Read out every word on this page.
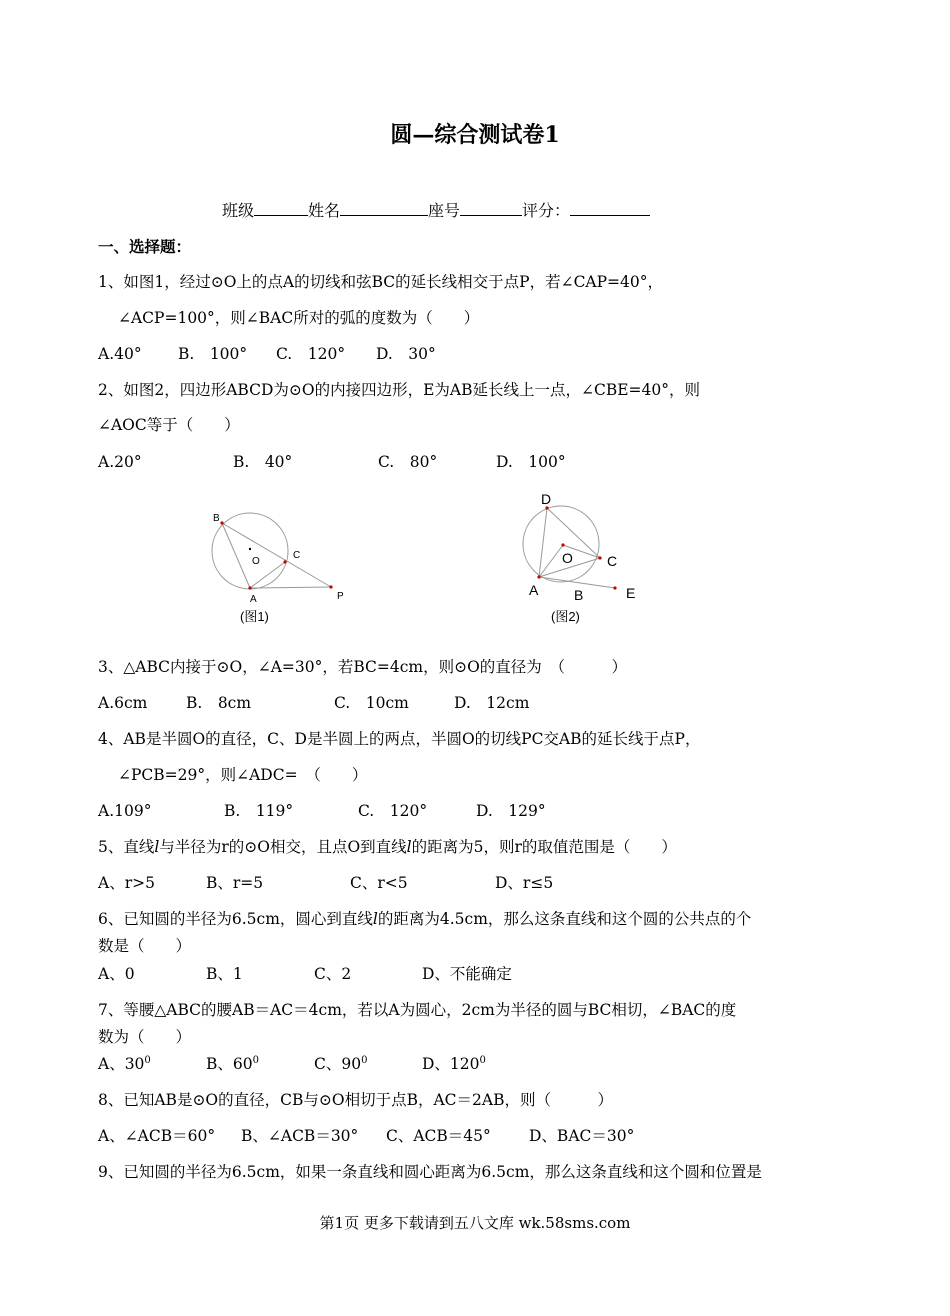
圆—综合测试卷1
班级	姓名	座号	评分：
一、选择题：
1、如图1，经过⊙O上的点A的切线和弦BC的延长线相交于点P，若∠CAP=40°，
∠ACP=100°，则∠BAC所对的弧的度数为（　　）
A.40° B.　100° C.　120° D.　30°
2、如图2，四边形ABCD为⊙O的内接四边形，E为AB延长线上一点，∠CBE=40°，则
∠AOC等于（　　）
A.20°	B.　40°	C.　80°	D.　100°
B
O
C
A	P
(图1)
D
O C
A	B	E
(图2)
3、△ABC内接于⊙O，∠A=30°，若BC=4cm，则⊙O的直径为　（　　　）
A.6cm B.　8cm	C.　10cm	D.　12cm
4、AB是半圆O的直径，C、D是半圆上的两点，半圆O的切线PC交AB的延长线于点P，
∠PCB=29°，则∠ADC=　（　　）
A.109°	B.　119°	C.　120°	D.　129°
5、直线l与半径为r的⊙O相交，且点O到直线l的距离为5，则r的取值范围是（　　）
A、r>5	B、r=5	C、r<5	D、r≤5
6、已知圆的半径为6.5cm，圆心到直线l的距离为4.5cm，那么这条直线和这个圆的公共点的个
数是（　　）
A、0	B、1	C、2	D、不能确定
7、等腰△ABC的腰AB＝AC＝4cm，若以A为圆心，2cm为半径的圆与BC相切，∠BAC的度
数为（　　）
A、$30^0$	B、$60^0$	C、$90^0$	D、$120^0$
8、已知AB是⊙O的直径，CB与⊙O相切于点B，AC＝2AB，则（　　　）
A、∠ACB＝60° B、∠ACB＝30° C、ACB＝45° D、BAC＝30°
9、已知圆的半径为6.5cm，如果一条直线和圆心距离为6.5cm，那么这条直线和这个圆和位置是
第1页 更多下载请到五八文库 wk.58sms.com
